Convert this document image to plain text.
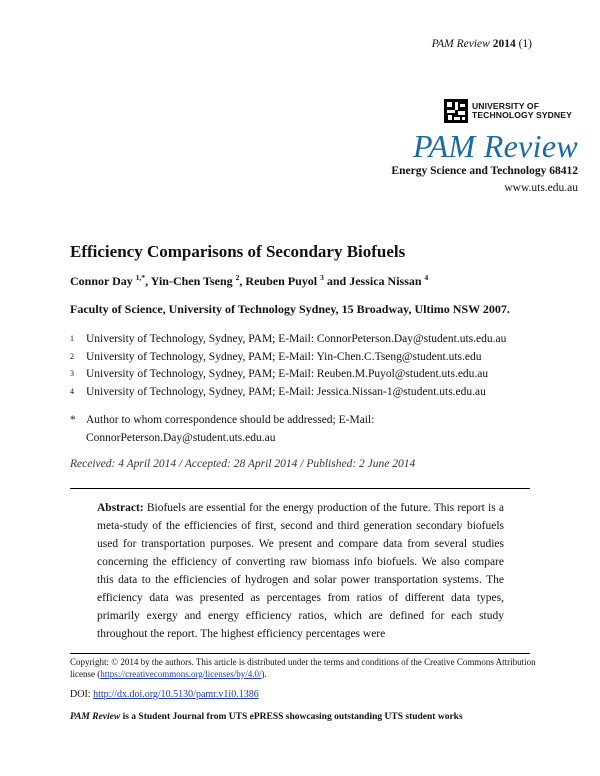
PAM Review 2014 (1)
UNIVERSITY OF
TECHNOLOGY SYDNEY
PAM Review
Energy Science and Technology 68412
www.uts.edu.au
Efficiency Comparisons of Secondary Biofuels
Connor Day $^{1,*}$, Yin-Chen Tseng $^2$, Reuben Puyol $^3$ and Jessica Nissan $^4$
Faculty of Science, University of Technology Sydney, 15 Broadway, Ultimo NSW 2007.
1	University of Technology, Sydney, PAM; E-Mail: ConnorPeterson.Day@student.uts.edu.au
2	University of Technology, Sydney, PAM; E-Mail: Yin-Chen.C.Tseng@student.uts.edu
3	University of Technology, Sydney, PAM; E-Mail: Reuben.M.Puyol@student.uts.edu.au
4	University of Technology, Sydney, PAM; E-Mail: Jessica.Nissan-1@student.uts.edu.au
* Author to whom correspondence should be addressed; E-Mail:
ConnorPeterson.Day@student.uts.edu.au
Received: 4 April 2014 / Accepted: 28 April 2014 / Published: 2 June 2014
Abstract: Biofuels are essential for the energy production of the future. This report is a meta-study of the efficiencies of first, second and third generation secondary biofuels used for transportation purposes. We present and compare data from several studies concerning the efficiency of converting raw biomass info biofuels. We also compare this data to the efficiencies of hydrogen and solar power transportation systems. The efficiency data was presented as percentages from ratios of different data types, primarily exergy and energy efficiency ratios, which are defined for each study throughout the report. The highest efficiency percentages were
Copyright: © 2014 by the authors. This article is distributed under the terms and conditions of the Creative Commons Attribution license (https://creativecommons.org/licenses/by/4.0/).
DOI: http://dx.doi.org/10.5130/pamr.v1i0.1386
PAM Review is a Student Journal from UTS ePRESS showcasing outstanding UTS student works
